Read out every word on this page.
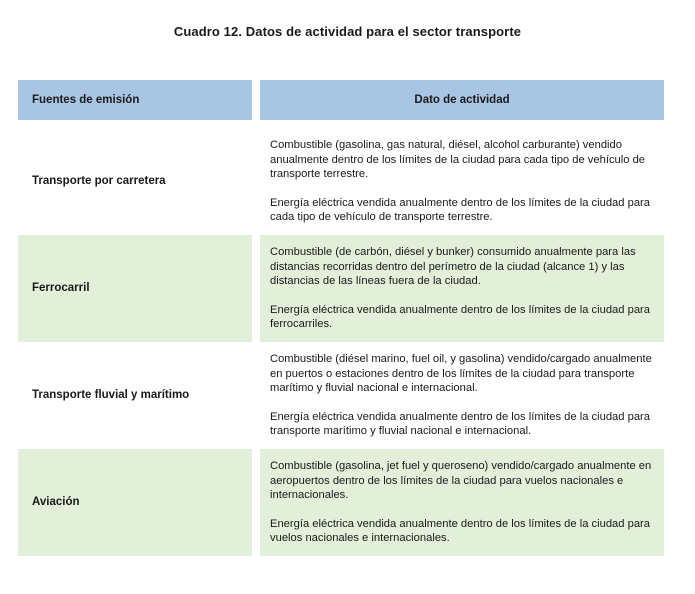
Cuadro 12. Datos de actividad para el sector transporte
Fuentes de emisión	Dato de actividad

Transporte por carretera	Combustible (gasolina, gas natural, diésel, alcohol carburante) vendido anualmente dentro de los límites de la ciudad para cada tipo de vehículo de transporte terrestre.

Energía eléctrica vendida anualmente dentro de los límites de la ciudad para cada tipo de vehículo de transporte terrestre.

Ferrocarril	Combustible (de carbón, diésel y bunker) consumido anualmente para las distancias recorridas dentro del perímetro de la ciudad (alcance 1) y las distancias de las líneas fuera de la ciudad.

Energía eléctrica vendida anualmente dentro de los límites de la ciudad para ferrocarriles.

Transporte fluvial y marítimo	Combustible (diésel marino, fuel oil, y gasolina) vendido/cargado anualmente en puertos o estaciones dentro de los límites de la ciudad para transporte marítimo y fluvial nacional e internacional.

Energía eléctrica vendida anualmente dentro de los límites de la ciudad para transporte marítimo y fluvial nacional e internacional.

Aviación	Combustible (gasolina, jet fuel y queroseno) vendido/cargado anualmente en aeropuertos dentro de los límites de la ciudad para vuelos nacionales e internacionales.

Energía eléctrica vendida anualmente dentro de los límites de la ciudad para vuelos nacionales e internacionales.
